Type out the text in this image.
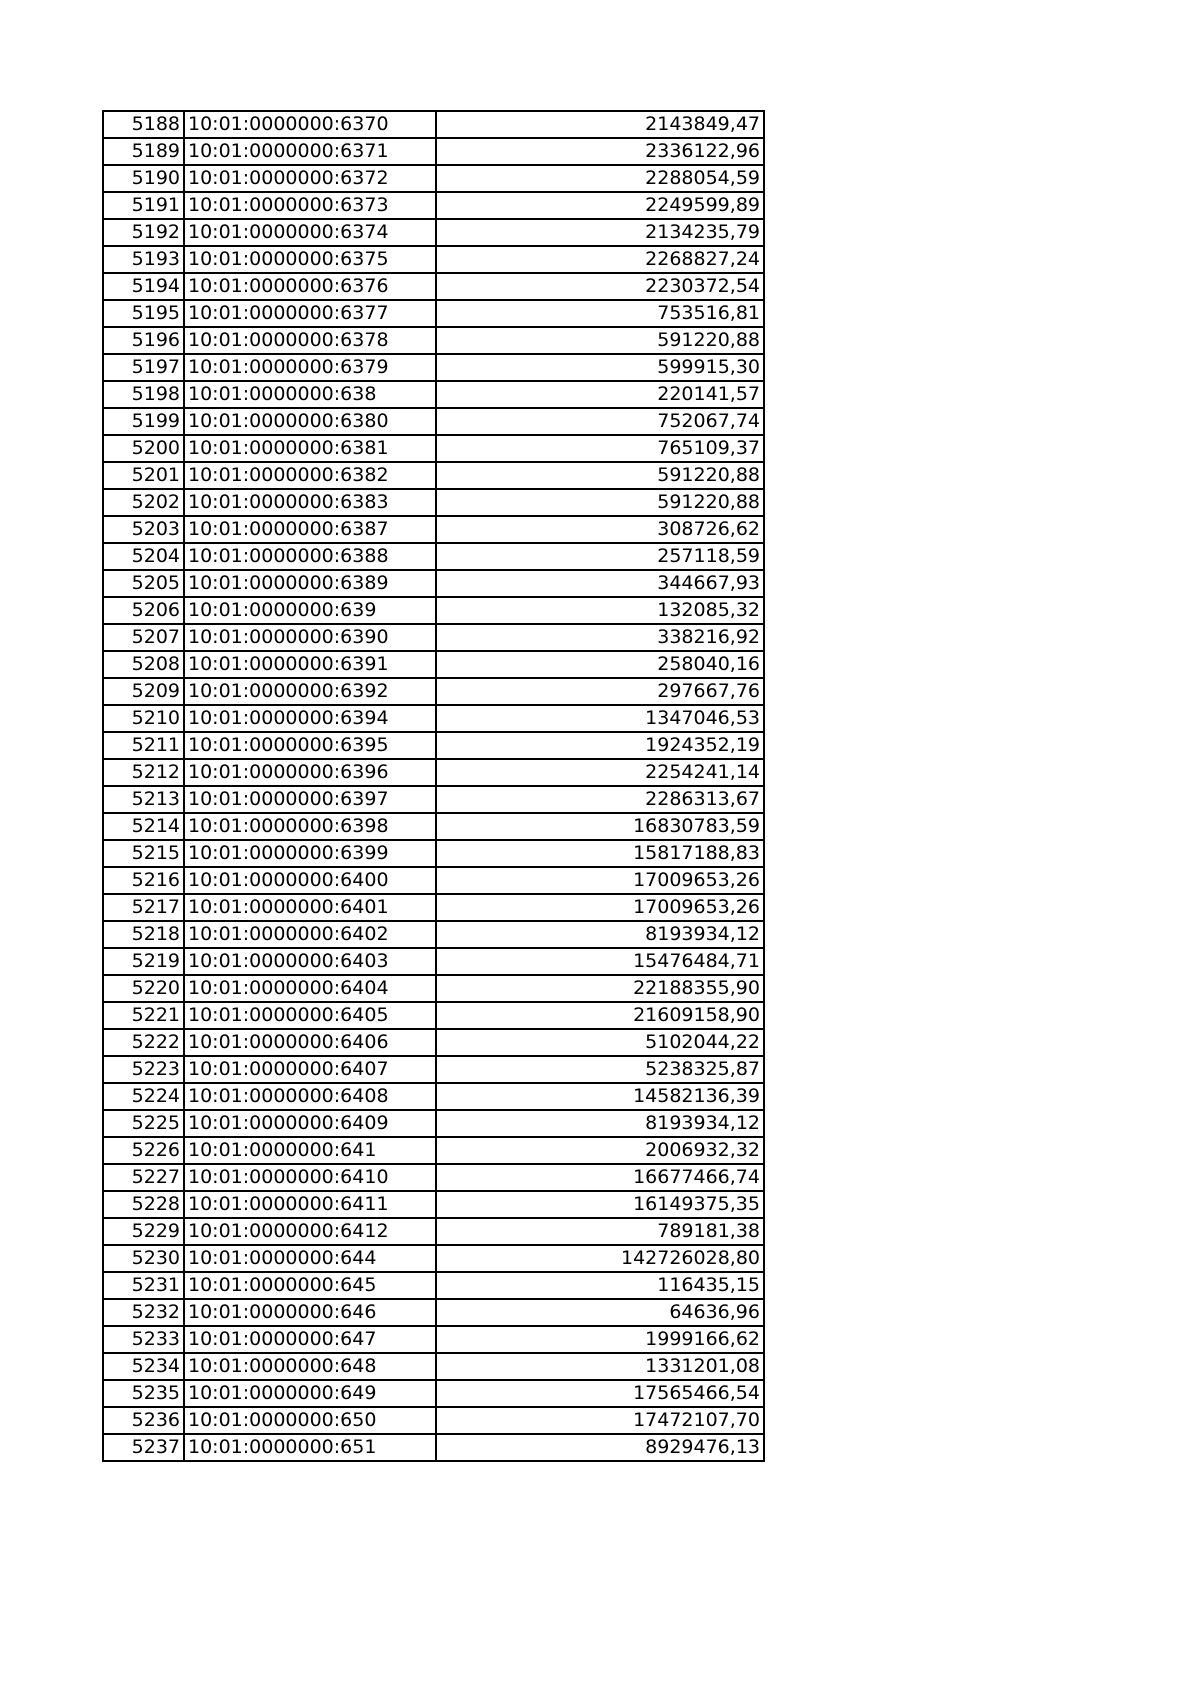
5188	10:01:0000000:6370	2143849,47
5189	10:01:0000000:6371	2336122,96
5190	10:01:0000000:6372	2288054,59
5191	10:01:0000000:6373	2249599,89
5192	10:01:0000000:6374	2134235,79
5193	10:01:0000000:6375	2268827,24
5194	10:01:0000000:6376	2230372,54
5195	10:01:0000000:6377	753516,81
5196	10:01:0000000:6378	591220,88
5197	10:01:0000000:6379	599915,30
5198	10:01:0000000:638	220141,57
5199	10:01:0000000:6380	752067,74
5200	10:01:0000000:6381	765109,37
5201	10:01:0000000:6382	591220,88
5202	10:01:0000000:6383	591220,88
5203	10:01:0000000:6387	308726,62
5204	10:01:0000000:6388	257118,59
5205	10:01:0000000:6389	344667,93
5206	10:01:0000000:639	132085,32
5207	10:01:0000000:6390	338216,92
5208	10:01:0000000:6391	258040,16
5209	10:01:0000000:6392	297667,76
5210	10:01:0000000:6394	1347046,53
5211	10:01:0000000:6395	1924352,19
5212	10:01:0000000:6396	2254241,14
5213	10:01:0000000:6397	2286313,67
5214	10:01:0000000:6398	16830783,59
5215	10:01:0000000:6399	15817188,83
5216	10:01:0000000:6400	17009653,26
5217	10:01:0000000:6401	17009653,26
5218	10:01:0000000:6402	8193934,12
5219	10:01:0000000:6403	15476484,71
5220	10:01:0000000:6404	22188355,90
5221	10:01:0000000:6405	21609158,90
5222	10:01:0000000:6406	5102044,22
5223	10:01:0000000:6407	5238325,87
5224	10:01:0000000:6408	14582136,39
5225	10:01:0000000:6409	8193934,12
5226	10:01:0000000:641	2006932,32
5227	10:01:0000000:6410	16677466,74
5228	10:01:0000000:6411	16149375,35
5229	10:01:0000000:6412	789181,38
5230	10:01:0000000:644	142726028,80
5231	10:01:0000000:645	116435,15
5232	10:01:0000000:646	64636,96
5233	10:01:0000000:647	1999166,62
5234	10:01:0000000:648	1331201,08
5235	10:01:0000000:649	17565466,54
5236	10:01:0000000:650	17472107,70
5237	10:01:0000000:651	8929476,13
